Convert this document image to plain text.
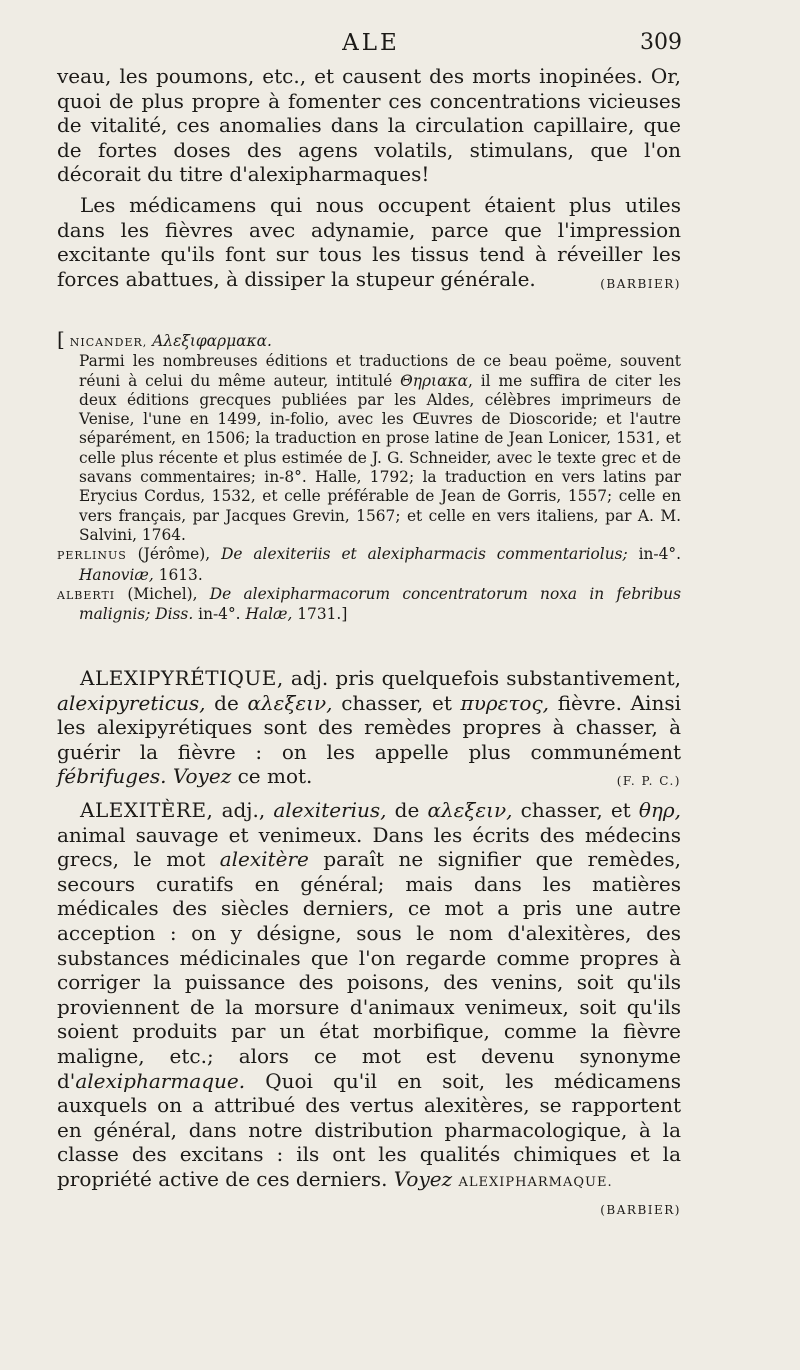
ALE	309

veau, les poumons, etc., et causent des morts inopinées. Or, quoi de plus propre à fomenter ces concentrations vicieuses de vitalité, ces anomalies dans la circulation capillaire, que de fortes doses des agens volatils, stimulans, que l'on décorait du titre d'alexipharmaques!

Les médicamens qui nous occupent étaient plus utiles dans les fièvres avec adynamie, parce que l'impression excitante qu'ils font sur tous les tissus tend à réveiller les forces abattues, à dissiper la stupeur générale.	(BARBIER)

[ NICANDER, Αλεξιφαρμακα.
Parmi les nombreuses éditions et traductions de ce beau poëme, souvent réuni à celui du même auteur, intitulé Θηριακα, il me suffira de citer les deux éditions grecques publiées par les Aldes, célèbres imprimeurs de Venise, l'une en 1499, in-folio, avec les Œuvres de Dioscoride; et l'autre séparément, en 1506; la traduction en prose latine de Jean Lonicer, 1531, et celle plus récente et plus estimée de J. G. Schneider, avec le texte grec et de savans commentaires; in-8°. Halle, 1792; la traduction en vers latins par Erycius Cordus, 1532, et celle préférable de Jean de Gorris, 1557; celle en vers français, par Jacques Grevin, 1567; et celle en vers italiens, par A. M. Salvini, 1764.

PERLINUS (Jérôme), De alexiteriis et alexipharmacis commentariolus; in-4°. Hanoviæ, 1613.

ALBERTI (Michel), De alexipharmacorum concentratorum noxa in febribus malignis; Diss. in-4°. Halæ, 1731.]

ALEXIPYRÉTIQUE, adj. pris quelquefois substantivement, alexipyreticus, de αλεξειν, chasser, et πυρετος, fièvre. Ainsi les alexipyrétiques sont des remèdes propres à chasser, à guérir la fièvre : on les appelle plus communément fébrifuges. Voyez ce mot.	(F. P. C.)

ALEXITÈRE, adj., alexiterius, de αλεξειν, chasser, et θηρ, animal sauvage et venimeux. Dans les écrits des médecins grecs, le mot alexitère paraît ne signifier que remèdes, secours curatifs en général; mais dans les matières médicales des siècles derniers, ce mot a pris une autre acception : on y désigne, sous le nom d'alexitères, des substances médicinales que l'on regarde comme propres à corriger la puissance des poisons, des venins, soit qu'ils proviennent de la morsure d'animaux venimeux, soit qu'ils soient produits par un état morbifique, comme la fièvre maligne, etc.; alors ce mot est devenu synonyme d'alexipharmaque. Quoi qu'il en soit, les médicamens auxquels on a attribué des vertus alexitères, se rapportent en général, dans notre distribution pharmacologique, à la classe des excitans : ils ont les qualités chimiques et la propriété active de ces derniers. Voyez ALEXIPHARMAQUE.

(BARBIER)
